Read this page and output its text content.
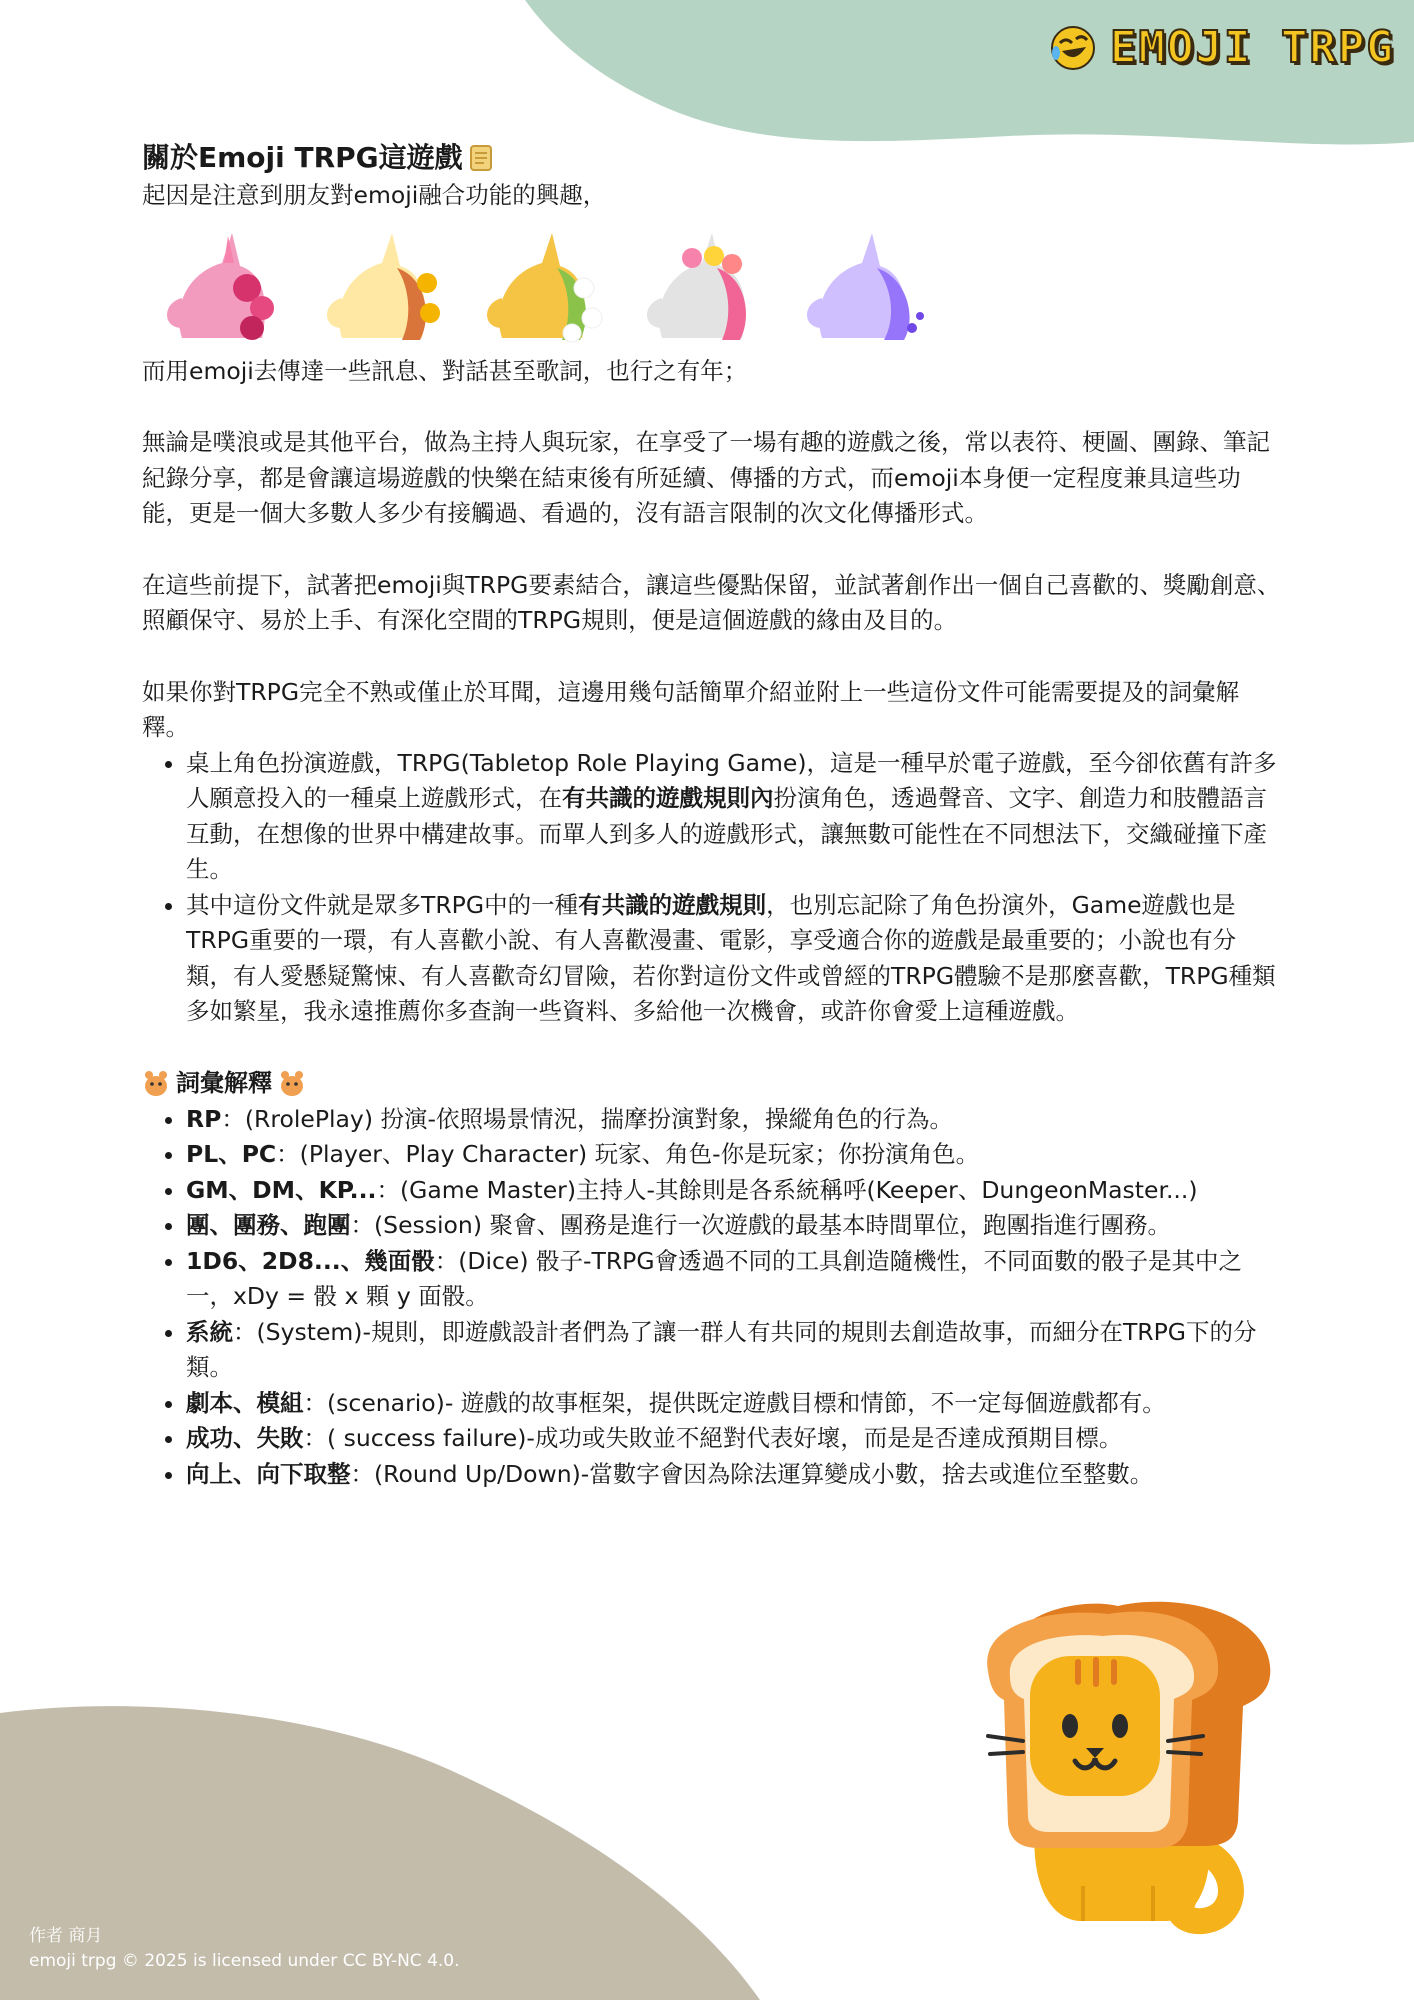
EMOJI TRPG
關於Emoji TRPG這遊戲

起因是注意到朋友對emoji融合功能的興趣，

而用emoji去傳達一些訊息、對話甚至歌詞，也行之有年；

無論是噗浪或是其他平台，做為主持人與玩家，在享受了一場有趣的遊戲之後，常以表符、梗圖、團錄、筆記紀錄分享，都是會讓這場遊戲的快樂在結束後有所延續、傳播的方式，而emoji本身便一定程度兼具這些功能，更是一個大多數人多少有接觸過、看過的，沒有語言限制的次文化傳播形式。

在這些前提下，試著把emoji與TRPG要素結合，讓這些優點保留，並試著創作出一個自己喜歡的、獎勵創意、照顧保守、易於上手、有深化空間的TRPG規則，便是這個遊戲的緣由及目的。

如果你對TRPG完全不熟或僅止於耳聞，這邊用幾句話簡單介紹並附上一些這份文件可能需要提及的詞彙解釋。

• 桌上角色扮演遊戲，TRPG(Tabletop Role Playing Game)，這是一種早於電子遊戲，至今卻依舊有許多人願意投入的一種桌上遊戲形式，在有共識的遊戲規則內扮演角色，透過聲音、文字、創造力和肢體語言互動，在想像的世界中構建故事。而單人到多人的遊戲形式，讓無數可能性在不同想法下，交織碰撞下產生。
• 其中這份文件就是眾多TRPG中的一種有共識的遊戲規則，也別忘記除了角色扮演外，Game遊戲也是TRPG重要的一環，有人喜歡小說、有人喜歡漫畫、電影，享受適合你的遊戲是最重要的；小說也有分類，有人愛懸疑驚悚、有人喜歡奇幻冒險，若你對這份文件或曾經的TRPG體驗不是那麼喜歡，TRPG種類多如繁星，我永遠推薦你多查詢一些資料、多給他一次機會，或許你會愛上這種遊戲。
詞彙解釋
• RP：(RrolePlay) 扮演-依照場景情況，揣摩扮演對象，操縱角色的行為。
• PL、PC：(Player、Play Character) 玩家、角色-你是玩家；你扮演角色。
• GM、DM、KP...：(Game Master)主持人-其餘則是各系統稱呼(Keeper、DungeonMaster...)
• 團、團務、跑團：(Session) 聚會、團務是進行一次遊戲的最基本時間單位，跑團指進行團務。
• 1D6、2D8...、幾面骰：(Dice) 骰子-TRPG會透過不同的工具創造隨機性，不同面數的骰子是其中之一，xDy = 骰 x 顆 y 面骰。
• 系統：(System)-規則，即遊戲設計者們為了讓一群人有共同的規則去創造故事，而細分在TRPG下的分類。
• 劇本、模組：(scenario)- 遊戲的故事框架，提供既定遊戲目標和情節，不一定每個遊戲都有。
• 成功、失敗：( success failure)-成功或失敗並不絕對代表好壞，而是是否達成預期目標。
• 向上、向下取整：(Round Up/Down)-當數字會因為除法運算變成小數，捨去或進位至整數。
作者 商月
emoji trpg © 2025 is licensed under CC BY-NC 4.0.
